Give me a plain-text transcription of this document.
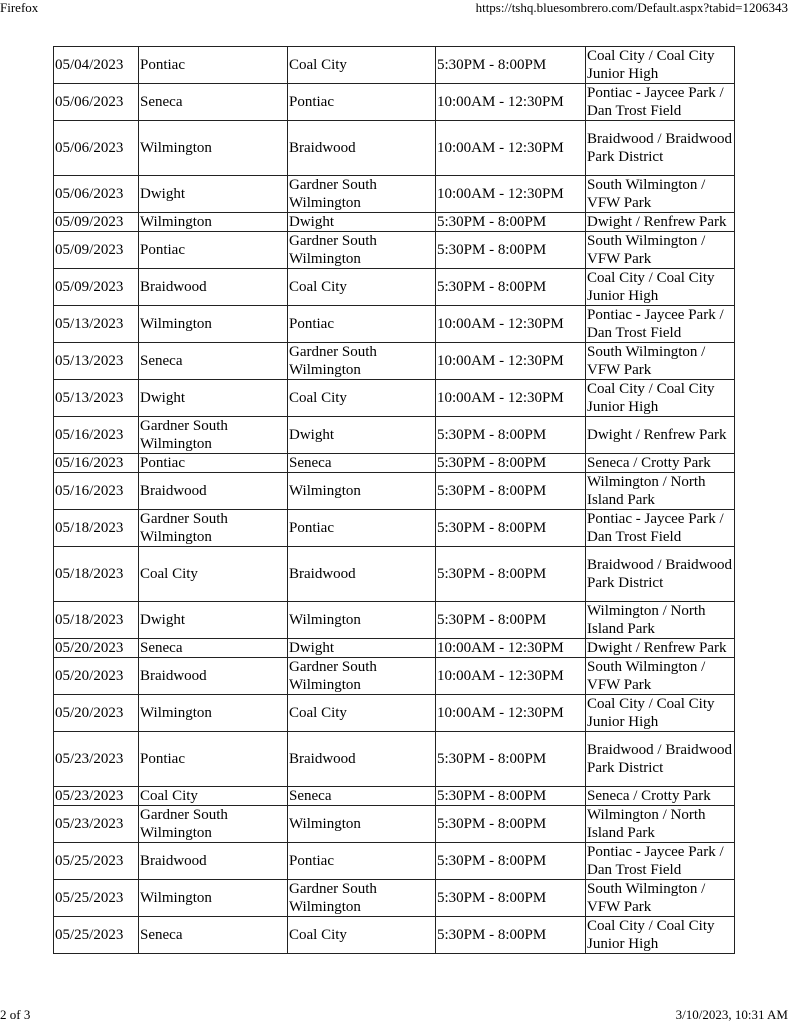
Firefox	https://tshq.bluesombrero.com/Default.aspx?tabid=1206343
05/04/2023	Pontiac	Coal City	5:30PM - 8:00PM	Coal City / Coal City Junior High
05/06/2023	Seneca	Pontiac	10:00AM - 12:30PM	Pontiac - Jaycee Park / Dan Trost Field
05/06/2023	Wilmington	Braidwood	10:00AM - 12:30PM	Braidwood / Braidwood Park District
05/06/2023	Dwight	Gardner South Wilmington	10:00AM - 12:30PM	South Wilmington / VFW Park
05/09/2023	Wilmington	Dwight	5:30PM - 8:00PM	Dwight / Renfrew Park
05/09/2023	Pontiac	Gardner South Wilmington	5:30PM - 8:00PM	South Wilmington / VFW Park
05/09/2023	Braidwood	Coal City	5:30PM - 8:00PM	Coal City / Coal City Junior High
05/13/2023	Wilmington	Pontiac	10:00AM - 12:30PM	Pontiac - Jaycee Park / Dan Trost Field
05/13/2023	Seneca	Gardner South Wilmington	10:00AM - 12:30PM	South Wilmington / VFW Park
05/13/2023	Dwight	Coal City	10:00AM - 12:30PM	Coal City / Coal City Junior High
05/16/2023	Gardner South Wilmington	Dwight	5:30PM - 8:00PM	Dwight / Renfrew Park
05/16/2023	Pontiac	Seneca	5:30PM - 8:00PM	Seneca / Crotty Park
05/16/2023	Braidwood	Wilmington	5:30PM - 8:00PM	Wilmington / North Island Park
05/18/2023	Gardner South Wilmington	Pontiac	5:30PM - 8:00PM	Pontiac - Jaycee Park / Dan Trost Field
05/18/2023	Coal City	Braidwood	5:30PM - 8:00PM	Braidwood / Braidwood Park District
05/18/2023	Dwight	Wilmington	5:30PM - 8:00PM	Wilmington / North Island Park
05/20/2023	Seneca	Dwight	10:00AM - 12:30PM	Dwight / Renfrew Park
05/20/2023	Braidwood	Gardner South Wilmington	10:00AM - 12:30PM	South Wilmington / VFW Park
05/20/2023	Wilmington	Coal City	10:00AM - 12:30PM	Coal City / Coal City Junior High
05/23/2023	Pontiac	Braidwood	5:30PM - 8:00PM	Braidwood / Braidwood Park District
05/23/2023	Coal City	Seneca	5:30PM - 8:00PM	Seneca / Crotty Park
05/23/2023	Gardner South Wilmington	Wilmington	5:30PM - 8:00PM	Wilmington / North Island Park
05/25/2023	Braidwood	Pontiac	5:30PM - 8:00PM	Pontiac - Jaycee Park / Dan Trost Field
05/25/2023	Wilmington	Gardner South Wilmington	5:30PM - 8:00PM	South Wilmington / VFW Park
05/25/2023	Seneca	Coal City	5:30PM - 8:00PM	Coal City / Coal City Junior High
2 of 3	3/10/2023, 10:31 AM
